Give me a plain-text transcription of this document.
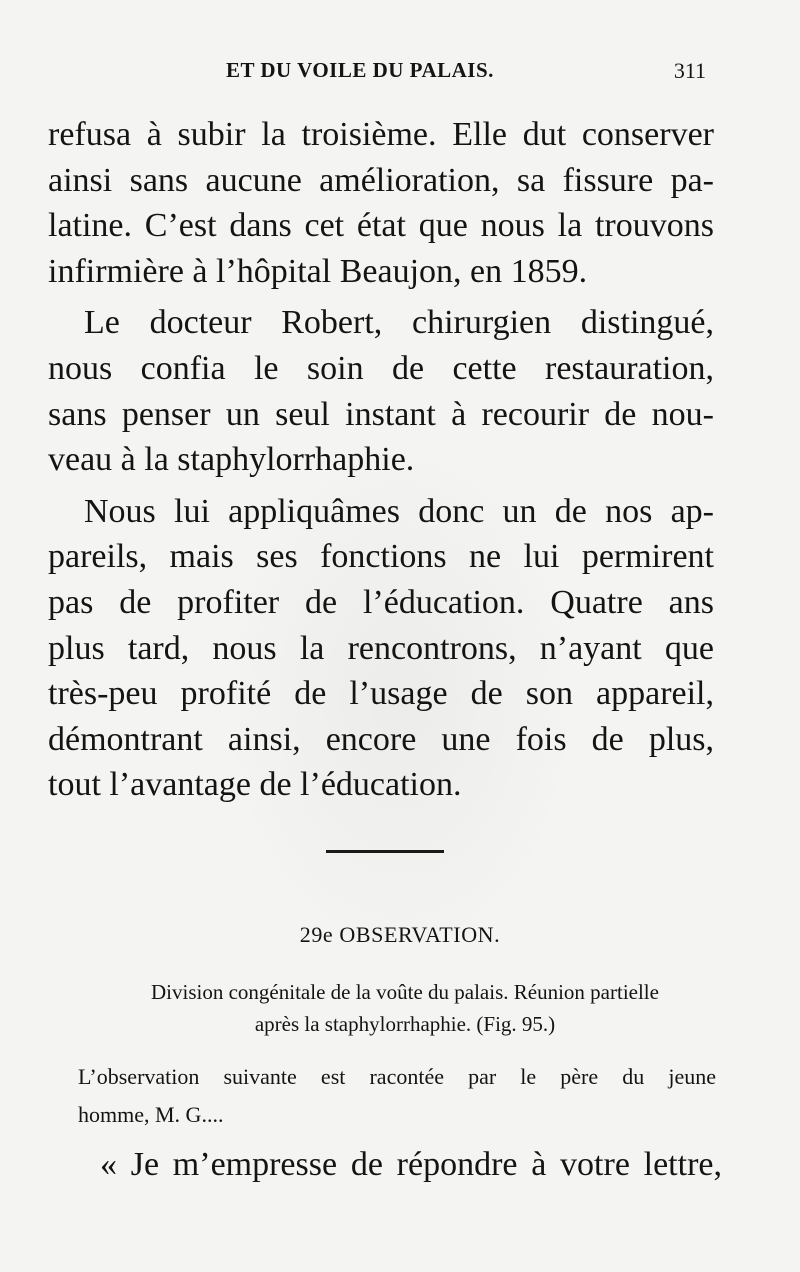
ET DU VOILE DU PALAIS.	311
refusa à subir la troisième. Elle dut conserver
ainsi sans aucune amélioration, sa fissure pa-
latine. C’est dans cet état que nous la trouvons
infirmière à l’hôpital Beaujon, en 1859.
Le docteur Robert, chirurgien distingué,
nous confia le soin de cette restauration,
sans penser un seul instant à recourir de nou-
veau à la staphylorrhaphie.
Nous lui appliquâmes donc un de nos ap-
pareils, mais ses fonctions ne lui permirent
pas de profiter de l’éducation. Quatre ans
plus tard, nous la rencontrons, n’ayant que
très-peu profité de l’usage de son appareil,
démontrant ainsi, encore une fois de plus,
tout l’avantage de l’éducation.
29e OBSERVATION.
Division congénitale de la voûte du palais. Réunion partielle
après la staphylorrhaphie. (Fig. 95.)
L’observation suivante est racontée par le père du jeune
homme, M. G....
« Je m’empresse de répondre à votre lettre,
